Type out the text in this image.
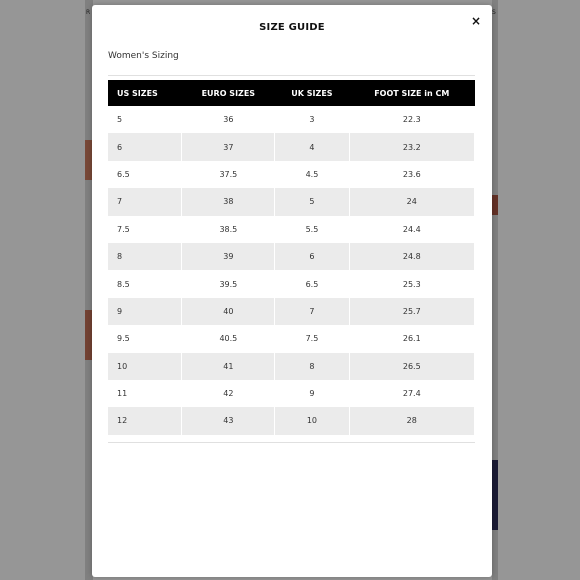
R	S
SIZE GUIDE	×
Women's Sizing
US SIZES	EURO SIZES	UK SIZES	FOOT SIZE in CM
5	36	3	22.3
6	37	4	23.2
6.5	37.5	4.5	23.6
7	38	5	24
7.5	38.5	5.5	24.4
8	39	6	24.8
8.5	39.5	6.5	25.3
9	40	7	25.7
9.5	40.5	7.5	26.1
10	41	8	26.5
11	42	9	27.4
12	43	10	28
